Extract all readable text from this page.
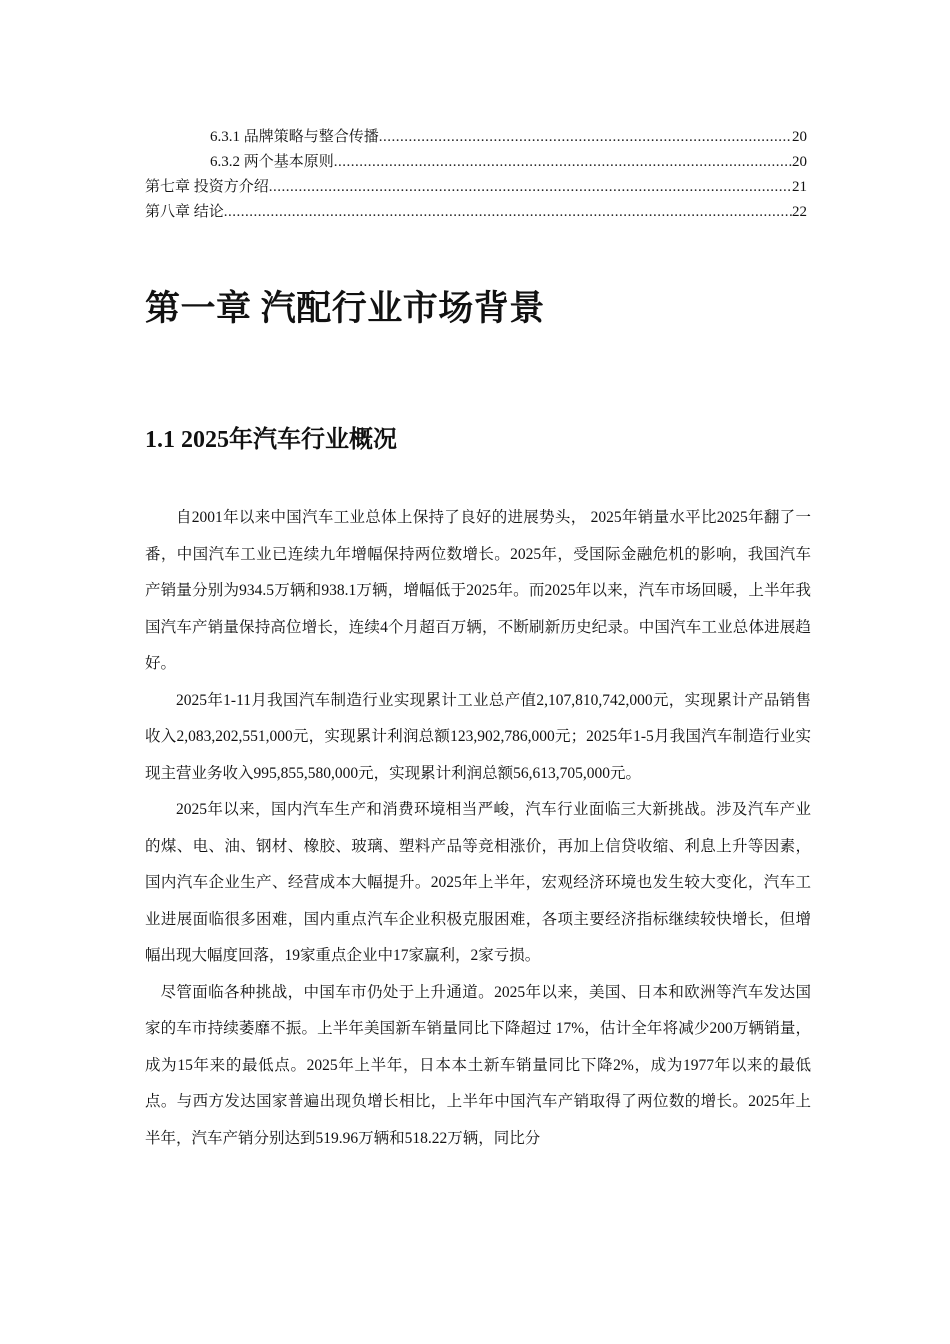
6.3.1 品牌策略与整合传播 .....	20
6.3.2 两个基本原则 .....	20
第七章 投资方介绍 .....	21
第八章 结论 .....	22
第一章 汽配行业市场背景
1.1 2025年汽车行业概况

自2001年以来中国汽车工业总体上保持了良好的进展势头， 2025年销量水平比2025年翻了一番，中国汽车工业已连续九年增幅保持两位数增长。2025年，受国际金融危机的影响，我国汽车产销量分别为934.5万辆和938.1万辆，增幅低于2025年。而2025年以来，汽车市场回暖，上半年我国汽车产销量保持高位增长，连续4个月超百万辆，不断刷新历史纪录。中国汽车工业总体进展趋好。

2025年1-11月我国汽车制造行业实现累计工业总产值2,107,810,742,000元，实现累计产品销售收入2,083,202,551,000元，实现累计利润总额123,902,786,000元；2025年1-5月我国汽车制造行业实现主营业务收入995,855,580,000元，实现累计利润总额56,613,705,000元。

2025年以来，国内汽车生产和消费环境相当严峻，汽车行业面临三大新挑战。涉及汽车产业的煤、电、油、钢材、橡胶、玻璃、塑料产品等竞相涨价，再加上信贷收缩、利息上升等因素，国内汽车企业生产、经营成本大幅提升。2025年上半年，宏观经济环境也发生较大变化，汽车工业进展面临很多困难，国内重点汽车企业积极克服困难，各项主要经济指标继续较快增长，但增幅出现大幅度回落，19家重点企业中17家赢利，2家亏损。

尽管面临各种挑战，中国车市仍处于上升通道。2025年以来，美国、日本和欧洲等汽车发达国家的车市持续萎靡不振。上半年美国新车销量同比下降超过 17%，估计全年将减少200万辆销量，成为15年来的最低点。2025年上半年，日本本土新车销量同比下降2%，成为1977年以来的最低点。与西方发达国家普遍出现负增长相比，上半年中国汽车产销取得了两位数的增长。2025年上半年，汽车产销分别达到519.96万辆和518.22万辆，同比分
